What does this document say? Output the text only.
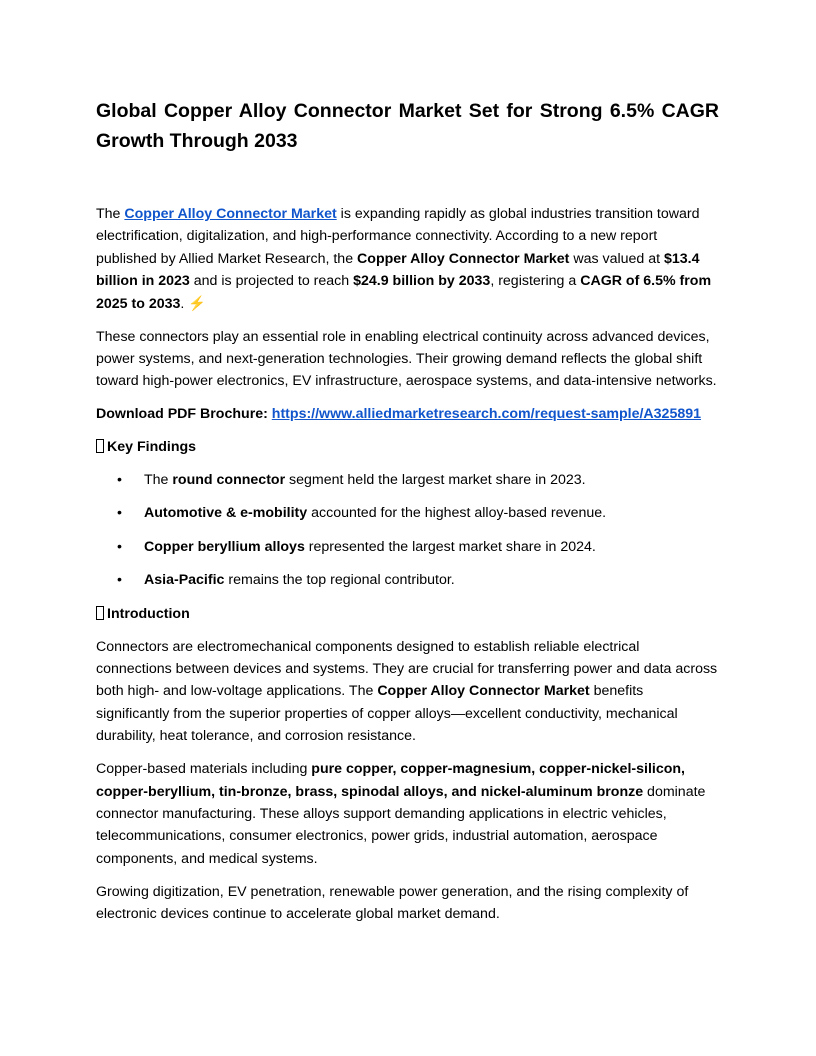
Global Copper Alloy Connector Market Set for Strong 6.5% CAGR Growth Through 2033

The Copper Alloy Connector Market is expanding rapidly as global industries transition toward electrification, digitalization, and high-performance connectivity. According to a new report published by Allied Market Research, the Copper Alloy Connector Market was valued at $13.4 billion in 2023 and is projected to reach $24.9 billion by 2033, registering a CAGR of 6.5% from 2025 to 2033. ⚡

These connectors play an essential role in enabling electrical continuity across advanced devices, power systems, and next-generation technologies. Their growing demand reflects the global shift toward high-power electronics, EV infrastructure, aerospace systems, and data-intensive networks.

Download PDF Brochure: https://www.alliedmarketresearch.com/request-sample/A325891

Key Findings

• The round connector segment held the largest market share in 2023.
• Automotive & e-mobility accounted for the highest alloy-based revenue.
• Copper beryllium alloys represented the largest market share in 2024.
• Asia-Pacific remains the top regional contributor.

Introduction

Connectors are electromechanical components designed to establish reliable electrical connections between devices and systems. They are crucial for transferring power and data across both high- and low-voltage applications. The Copper Alloy Connector Market benefits significantly from the superior properties of copper alloys—excellent conductivity, mechanical durability, heat tolerance, and corrosion resistance.

Copper-based materials including pure copper, copper-magnesium, copper-nickel-silicon, copper-beryllium, tin-bronze, brass, spinodal alloys, and nickel-aluminum bronze dominate connector manufacturing. These alloys support demanding applications in electric vehicles, telecommunications, consumer electronics, power grids, industrial automation, aerospace components, and medical systems.

Growing digitization, EV penetration, renewable power generation, and the rising complexity of electronic devices continue to accelerate global market demand.
